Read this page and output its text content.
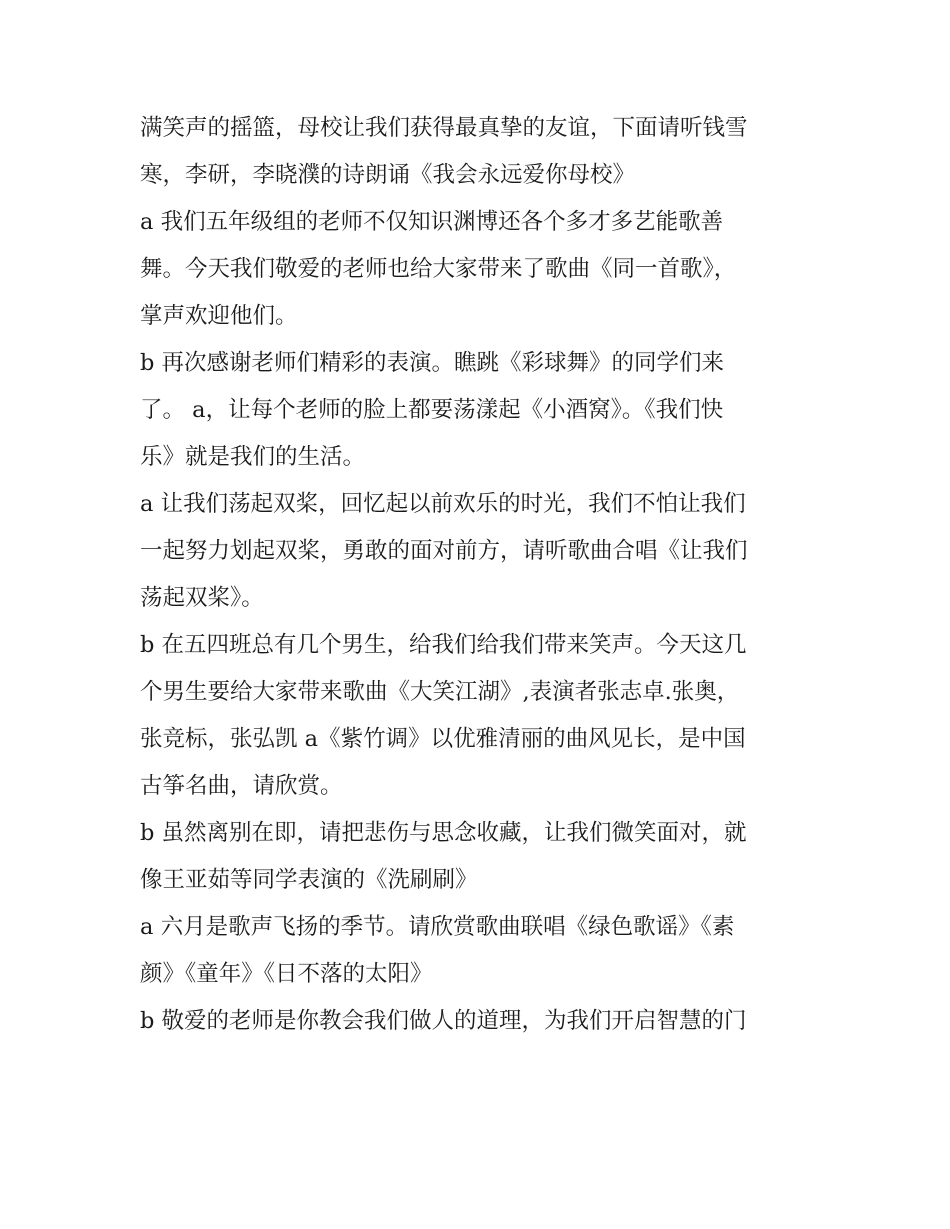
满笑声的摇篮，母校让我们获得最真挚的友谊，下面请听钱雪
寒，李研，李晓濮的诗朗诵《我会永远爱你母校》
a 我们五年级组的老师不仅知识渊博还各个多才多艺能歌善
舞。今天我们敬爱的老师也给大家带来了歌曲《同一首歌》，
掌声欢迎他们。
b 再次感谢老师们精彩的表演。瞧跳《彩球舞》的同学们来
了。 a，让每个老师的脸上都要荡漾起《小酒窝》。《我们快
乐》就是我们的生活。
a 让我们荡起双桨，回忆起以前欢乐的时光，我们不怕让我们
一起努力划起双桨，勇敢的面对前方，请听歌曲合唱《让我们
荡起双桨》。
b 在五四班总有几个男生，给我们给我们带来笑声。今天这几
个男生要给大家带来歌曲《大笑江湖》,表演者张志卓.张奥，
张竞标，张弘凯 a《紫竹调》以优雅清丽的曲风见长，是中国
古筝名曲，请欣赏。
b 虽然离别在即，请把悲伤与思念收藏，让我们微笑面对，就
像王亚茹等同学表演的《洗刷刷》
a 六月是歌声飞扬的季节。请欣赏歌曲联唱《绿色歌谣》《素
颜》《童年》《日不落的太阳》
b 敬爱的老师是你教会我们做人的道理，为我们开启智慧的门
